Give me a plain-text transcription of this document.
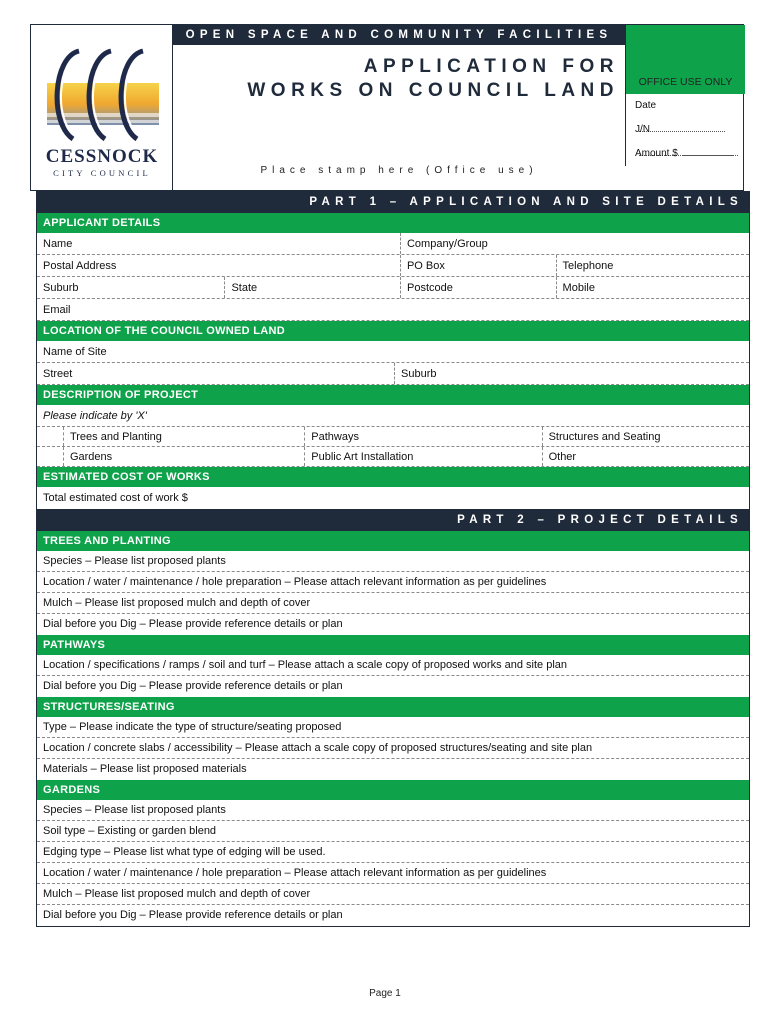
CESSNOCK
CITY COUNCIL
OPEN SPACE AND COMMUNITY FACILITIES
APPLICATION FOR
WORKS ON COUNCIL LAND
Place stamp here (Office use)
OFFICE USE ONLY
Date
J/N
Amount $
PART 1 – APPLICATION AND SITE DETAILS
APPLICANT DETAILS
Name	Company/Group
Postal Address	PO Box	Telephone
Suburb	State	Postcode	Mobile
Email
LOCATION OF THE COUNCIL OWNED LAND
Name of Site
Street	Suburb
DESCRIPTION OF PROJECT
Please indicate by 'X'
Trees and Planting	Pathways	Structures and Seating
Gardens	Public Art Installation	Other
ESTIMATED COST OF WORKS
Total estimated cost of work $
PART 2 – PROJECT DETAILS
TREES AND PLANTING
Species – Please list proposed plants
Location / water / maintenance / hole preparation – Please attach relevant information as per guidelines
Mulch – Please list proposed mulch and depth of cover
Dial before you Dig – Please provide reference details or plan
PATHWAYS
Location / specifications / ramps / soil and turf – Please attach a scale copy of proposed works and site plan
Dial before you Dig – Please provide reference details or plan
STRUCTURES/SEATING
Type – Please indicate the type of structure/seating proposed
Location / concrete slabs / accessibility – Please attach a scale copy of proposed structures/seating and site plan
Materials – Please list proposed materials
GARDENS
Species – Please list proposed plants
Soil type – Existing or garden blend
Edging type – Please list what type of edging will be used.
Location / water / maintenance / hole preparation – Please attach relevant information as per guidelines
Mulch – Please list proposed mulch and depth of cover
Dial before you Dig – Please provide reference details or plan
Page 1
